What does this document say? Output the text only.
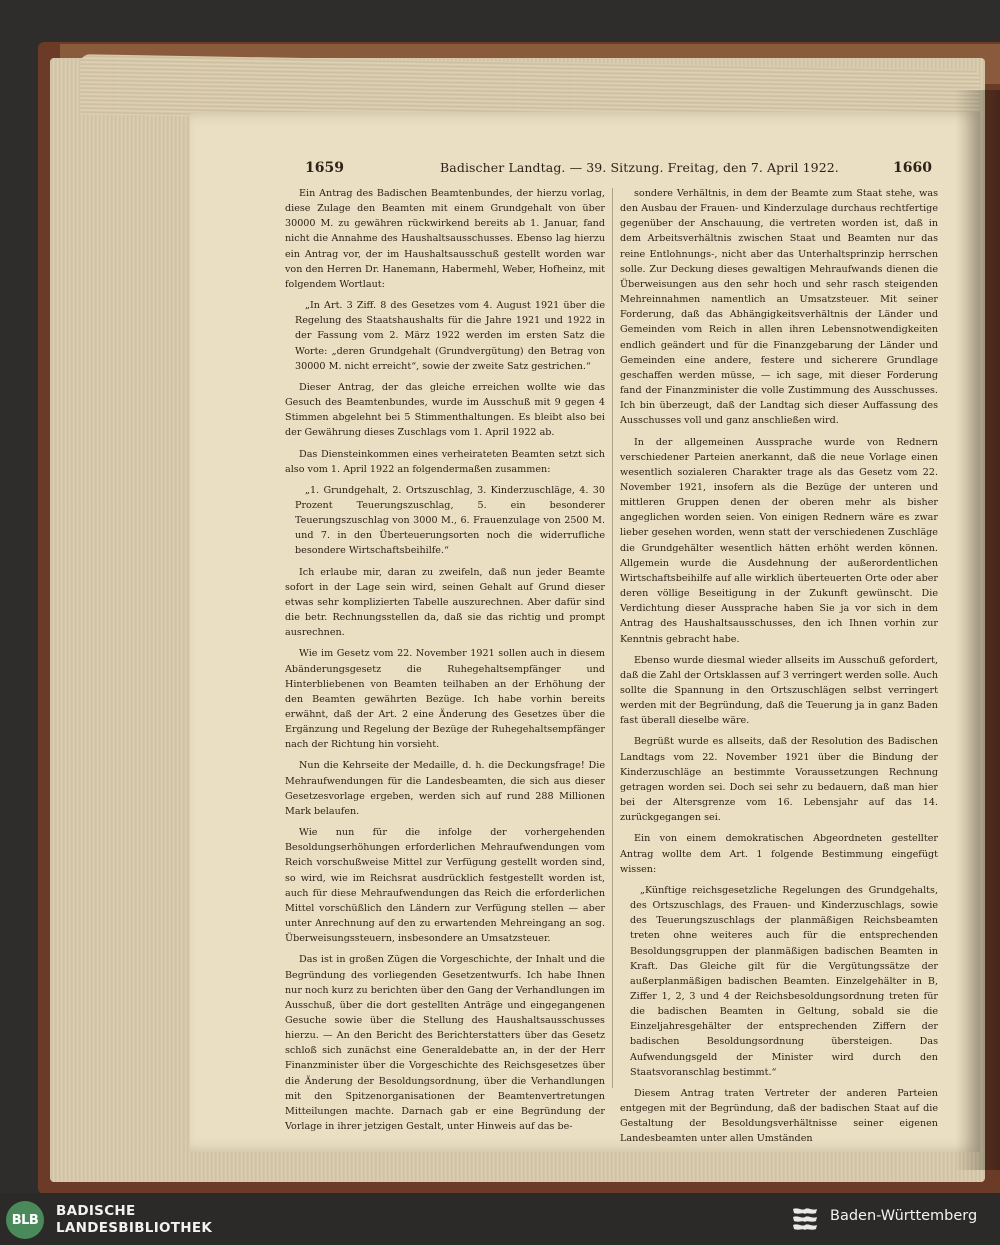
1659	Badischer Landtag. — 39. Sitzung. Freitag, den 7. April 1922.	1660

Ein Antrag des Badischen Beamtenbundes, der hierzu vorlag, diese Zulage den Beamten mit einem Grundgehalt von über 30000 M. zu gewähren rückwirkend bereits ab 1. Januar, fand nicht die Annahme des Haushaltsausschusses. Ebenso lag hierzu ein Antrag vor, der im Haushaltsausschuß gestellt worden war von den Herren Dr. Hanemann, Habermehl, Weber, Hofheinz, mit folgendem Wortlaut:

„In Art. 3 Ziff. 8 des Gesetzes vom 4. August 1921 über die Regelung des Staatshaushalts für die Jahre 1921 und 1922 in der Fassung vom 2. März 1922 werden im ersten Satz die Worte: „deren Grundgehalt (Grundvergütung) den Betrag von 30000 M. nicht erreicht“, sowie der zweite Satz gestrichen.“

Dieser Antrag, der das gleiche erreichen wollte wie das Gesuch des Beamtenbundes, wurde im Ausschuß mit 9 gegen 4 Stimmen abgelehnt bei 5 Stimmenthaltungen. Es bleibt also bei der Gewährung dieses Zuschlags vom 1. April 1922 ab.

Das Diensteinkommen eines verheirateten Beamten setzt sich also vom 1. April 1922 an folgendermaßen zusammen:

„1. Grundgehalt, 2. Ortszuschlag, 3. Kinderzuschläge, 4. 30 Prozent Teuerungszuschlag, 5. ein besonderer Teuerungszuschlag von 3000 M., 6. Frauenzulage von 2500 M. und 7. in den Überteuerungsorten noch die widerrufliche besondere Wirtschaftsbeihilfe.“

Ich erlaube mir, daran zu zweifeln, daß nun jeder Beamte sofort in der Lage sein wird, seinen Gehalt auf Grund dieser etwas sehr komplizierten Tabelle auszurechnen. Aber dafür sind die betr. Rechnungsstellen da, daß sie das richtig und prompt ausrechnen.

Wie im Gesetz vom 22. November 1921 sollen auch in diesem Abänderungsgesetz die Ruhegehaltsempfänger und Hinterbliebenen von Beamten teilhaben an der Erhöhung der den Beamten gewährten Bezüge. Ich habe vorhin bereits erwähnt, daß der Art. 2 eine Änderung des Gesetzes über die Ergänzung und Regelung der Bezüge der Ruhegehaltsempfänger nach der Richtung hin vorsieht.

Nun die Kehrseite der Medaille, d. h. die Deckungsfrage! Die Mehraufwendungen für die Landesbeamten, die sich aus dieser Gesetzesvorlage ergeben, werden sich auf rund 288 Millionen Mark belaufen.

Wie nun für die infolge der vorhergehenden Besoldungserhöhungen erforderlichen Mehraufwendungen vom Reich vorschußweise Mittel zur Verfügung gestellt worden sind, so wird, wie im Reichsrat ausdrücklich festgestellt worden ist, auch für diese Mehraufwendungen das Reich die erforderlichen Mittel vorschüßlich den Ländern zur Verfügung stellen — aber unter Anrechnung auf den zu erwartenden Mehreingang an sog. Überweisungssteuern, insbesondere an Umsatzsteuer.

Das ist in großen Zügen die Vorgeschichte, der Inhalt und die Begründung des vorliegenden Gesetzentwurfs. Ich habe Ihnen nur noch kurz zu berichten über den Gang der Verhandlungen im Ausschuß, über die dort gestellten Anträge und eingegangenen Gesuche sowie über die Stellung des Haushaltsausschusses hierzu. — An den Bericht des Berichterstatters über das Gesetz schloß sich zunächst eine Generaldebatte an, in der der Herr Finanzminister über die Vorgeschichte des Reichsgesetzes über die Änderung der Besoldungsordnung, über die Verhandlungen mit den Spitzenorganisationen der Beamtenvertretungen Mitteilungen machte. Darnach gab er eine Begründung der Vorlage in ihrer jetzigen Gestalt, unter Hinweis auf das be-

sondere Verhältnis, in dem der Beamte zum Staat stehe, was den Ausbau der Frauen- und Kinderzulage durchaus rechtfertige gegenüber der Anschauung, die vertreten worden ist, daß in dem Arbeitsverhältnis zwischen Staat und Beamten nur das reine Entlohnungs-, nicht aber das Unterhaltsprinzip herrschen solle. Zur Deckung dieses gewaltigen Mehraufwands dienen die Überweisungen aus den sehr hoch und sehr rasch steigenden Mehreinnahmen namentlich an Umsatzsteuer. Mit seiner Forderung, daß das Abhängigkeitsverhältnis der Länder und Gemeinden vom Reich in allen ihren Lebensnotwendigkeiten endlich geändert und für die Finanzgebarung der Länder und Gemeinden eine andere, festere und sicherere Grundlage geschaffen werden müsse, — ich sage, mit dieser Forderung fand der Finanzminister die volle Zustimmung des Ausschusses. Ich bin überzeugt, daß der Landtag sich dieser Auffassung des Ausschusses voll und ganz anschließen wird.

In der allgemeinen Aussprache wurde von Rednern verschiedener Parteien anerkannt, daß die neue Vorlage einen wesentlich sozialeren Charakter trage als das Gesetz vom 22. November 1921, insofern als die Bezüge der unteren und mittleren Gruppen denen der oberen mehr als bisher angeglichen worden seien. Von einigen Rednern wäre es zwar lieber gesehen worden, wenn statt der verschiedenen Zuschläge die Grundgehälter wesentlich hätten erhöht werden können. Allgemein wurde die Ausdehnung der außerordentlichen Wirtschaftsbeihilfe auf alle wirklich überteuerten Orte oder aber deren völlige Beseitigung in der Zukunft gewünscht. Die Verdichtung dieser Aussprache haben Sie ja vor sich in dem Antrag des Haushaltsausschusses, den ich Ihnen vorhin zur Kenntnis gebracht habe.

Ebenso wurde diesmal wieder allseits im Ausschuß gefordert, daß die Zahl der Ortsklassen auf 3 verringert werden solle. Auch sollte die Spannung in den Ortszuschlägen selbst verringert werden mit der Begründung, daß die Teuerung ja in ganz Baden fast überall dieselbe wäre.

Begrüßt wurde es allseits, daß der Resolution des Badischen Landtags vom 22. November 1921 über die Bindung der Kinderzuschläge an bestimmte Voraussetzungen Rechnung getragen worden sei. Doch sei sehr zu bedauern, daß man hier bei der Altersgrenze vom 16. Lebensjahr auf das 14. zurückgegangen sei.

Ein von einem demokratischen Abgeordneten gestellter Antrag wollte dem Art. 1 folgende Bestimmung eingefügt wissen:

„Künftige reichsgesetzliche Regelungen des Grundgehalts, des Ortszuschlags, des Frauen- und Kinderzuschlags, sowie des Teuerungszuschlags der planmäßigen Reichsbeamten treten ohne weiteres auch für die entsprechenden Besoldungsgruppen der planmäßigen badischen Beamten in Kraft. Das Gleiche gilt für die Vergütungssätze der außerplanmäßigen badischen Beamten. Einzelgehälter in B, Ziffer 1, 2, 3 und 4 der Reichsbesoldungsordnung treten für die badischen Beamten in Geltung, sobald sie die Einzeljahresgehälter der entsprechenden Ziffern der badischen Besoldungsordnung übersteigen. Das Aufwendungsgeld der Minister wird durch den Staatsvoranschlag bestimmt.“

Diesem Antrag traten Vertreter der anderen Parteien entgegen mit der Begründung, daß der badischen Staat auf die Gestaltung der Besoldungsverhältnisse seiner eigenen Landesbeamten unter allen Umständen

BLB
BADISCHE
LANDESBIBLIOTHEK
Baden-Württemberg
